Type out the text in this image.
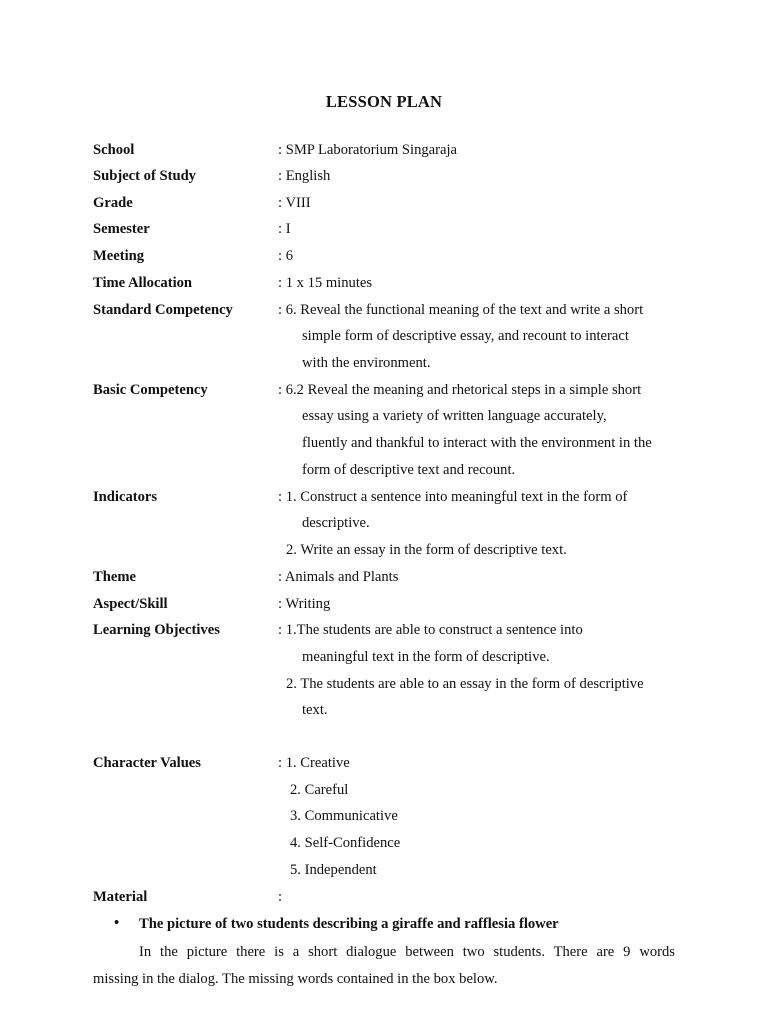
LESSON PLAN
School	: SMP Laboratorium Singaraja
Subject of Study	: English
Grade	: VIII
Semester	: I
Meeting	: 6
Time Allocation	: 1 x 15 minutes
Standard Competency	: 6. Reveal the functional meaning of the text and write a short
simple form of descriptive essay, and recount to interact
with the environment.
Basic Competency	: 6.2 Reveal the meaning and rhetorical steps in a simple short
essay using a variety of written language accurately,
fluently and thankful to interact with the environment in the
form of descriptive text and recount.
Indicators	: 1. Construct a sentence into meaningful text in the form of
descriptive.
2. Write an essay in the form of descriptive text.
Theme	: Animals and Plants
Aspect/Skill	: Writing
Learning Objectives	: 1.The students are able to construct a sentence into
meaningful text in the form of descriptive.
2. The students are able to an essay in the form of descriptive
text.
Character Values	: 1. Creative
2. Careful
3. Communicative
4. Self-Confidence
5. Independent
Material	:
• The picture of two students describing a giraffe and rafflesia flower
In the picture there is a short dialogue between two students. There are 9 words
missing in the dialog. The missing words contained in the box below.
